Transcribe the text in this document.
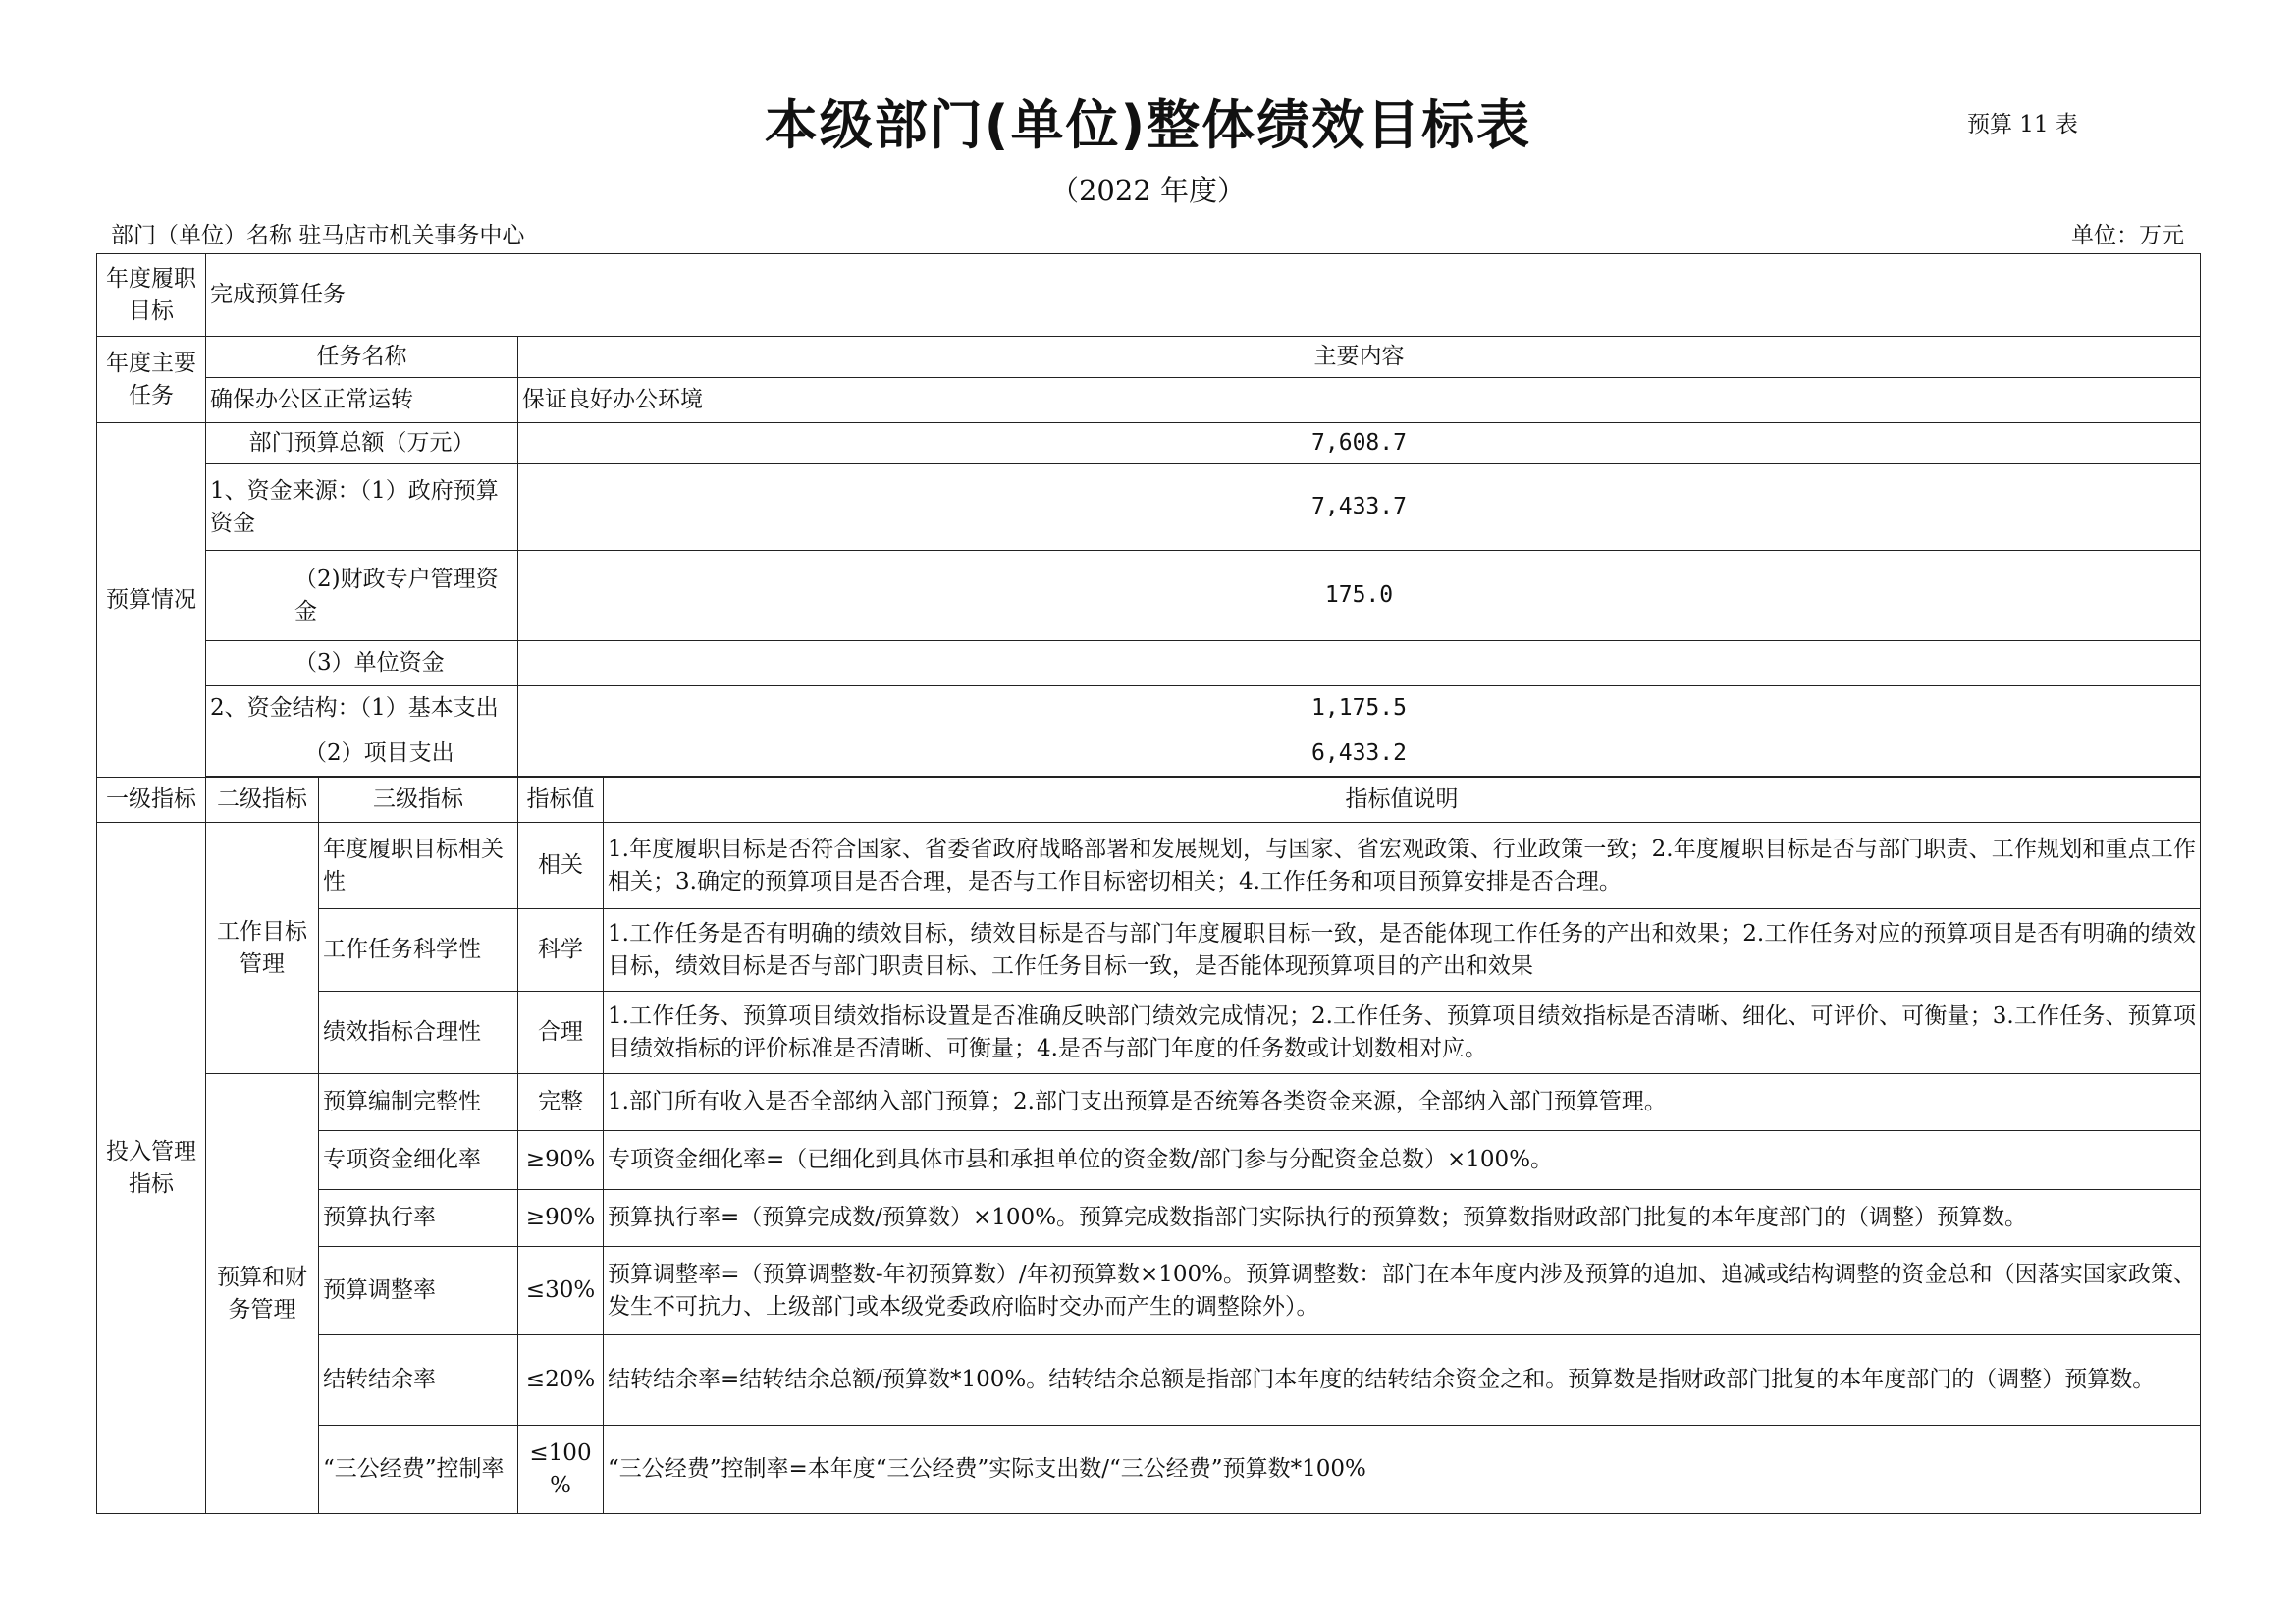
本级部门(单位)整体绩效目标表	预算 11 表
（2022 年度）
部门（单位）名称 驻马店市机关事务中心	单位：万元
年度履职目标	完成预算任务			
年度主要任务	任务名称		主要内容	
	确保办公区正常运转		保证良好办公环境	
预算情况	部门预算总额（万元）		7,608.7	
	1、资金来源：（1）政府预算资金		7,433.7	
	（2)财政专户管理资金		175.0	
	（3）单位资金			
	2、资金结构：（1）基本支出		1,175.5	
	（2）项目支出		6,433.2	

一级指标	二级指标	三级指标	指标值	指标值说明
投入管理指标	工作目标管理	年度履职目标相关性	相关	1.年度履职目标是否符合国家、省委省政府战略部署和发展规划，与国家、省宏观政策、行业政策一致；2.年度履职目标是否与部门职责、工作规划和重点工作相关；3.确定的预算项目是否合理，是否与工作目标密切相关；4.工作任务和项目预算安排是否合理。
		工作任务科学性	科学	1.工作任务是否有明确的绩效目标，绩效目标是否与部门年度履职目标一致，是否能体现工作任务的产出和效果；2.工作任务对应的预算项目是否有明确的绩效目标，绩效目标是否与部门职责目标、工作任务目标一致，是否能体现预算项目的产出和效果
		绩效指标合理性	合理	1.工作任务、预算项目绩效指标设置是否准确反映部门绩效完成情况；2.工作任务、预算项目绩效指标是否清晰、细化、可评价、可衡量；3.工作任务、预算项目绩效指标的评价标准是否清晰、可衡量；4.是否与部门年度的任务数或计划数相对应。
	预算和财务管理	预算编制完整性	完整	1.部门所有收入是否全部纳入部门预算；2.部门支出预算是否统筹各类资金来源，全部纳入部门预算管理。
		专项资金细化率	≥90%	专项资金细化率=（已细化到具体市县和承担单位的资金数/部门参与分配资金总数）×100%。
		预算执行率	≥90%	预算执行率=（预算完成数/预算数）×100%。预算完成数指部门实际执行的预算数；预算数指财政部门批复的本年度部门的（调整）预算数。
		预算调整率	≤30%	预算调整率=（预算调整数-年初预算数）/年初预算数×100%。预算调整数：部门在本年度内涉及预算的追加、追减或结构调整的资金总和（因落实国家政策、发生不可抗力、上级部门或本级党委政府临时交办而产生的调整除外）。
		结转结余率	≤20%	结转结余率=结转结余总额/预算数*100%。结转结余总额是指部门本年度的结转结余资金之和。预算数是指财政部门批复的本年度部门的（调整）预算数。
		“三公经费”控制率	≤100%	“三公经费”控制率=本年度“三公经费”实际支出数/“三公经费”预算数*100%
